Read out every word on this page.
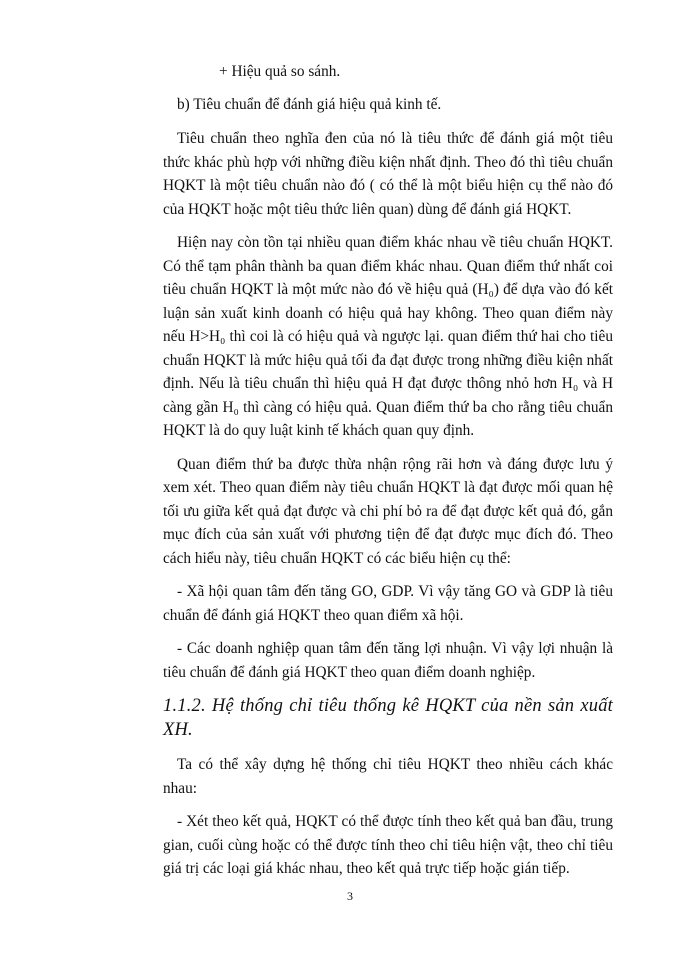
+ Hiệu quả so sánh.

b) Tiêu chuẩn để đánh giá hiệu quả kinh tế.

Tiêu chuẩn theo nghĩa đen của nó là tiêu thức để đánh giá một tiêu thức khác phù hợp với những điều kiện nhất định. Theo đó thì tiêu chuẩn HQKT là một tiêu chuẩn nào đó ( có thể là một biểu hiện cụ thể nào đó của HQKT hoặc một tiêu thức liên quan) dùng để đánh giá HQKT.

Hiện nay còn tồn tại nhiều quan điểm khác nhau về tiêu chuẩn HQKT. Có thể tạm phân thành ba quan điểm khác nhau. Quan điểm thứ nhất coi tiêu chuẩn HQKT là một mức nào đó về hiệu quả (H₀) để dựa vào đó kết luận sản xuất kinh doanh có hiệu quả hay không. Theo quan điểm này nếu H>H₀ thì coi là có hiệu quả và ngược lại. quan điểm thứ hai cho tiêu chuẩn HQKT là mức hiệu quả tối đa đạt được trong những điều kiện nhất định. Nếu là tiêu chuẩn thì hiệu quả H đạt được thông nhỏ hơn H₀ và H càng gần H₀ thì càng có hiệu quả. Quan điểm thứ ba cho rằng tiêu chuẩn HQKT là do quy luật kinh tế khách quan quy định.

Quan điểm thứ ba được thừa nhận rộng rãi hơn và đáng được lưu ý xem xét. Theo quan điểm này tiêu chuẩn HQKT là đạt được mối quan hệ tối ưu giữa kết quả đạt được và chi phí bỏ ra để đạt được kết quả đó, gắn mục đích của sản xuất với phương tiện để đạt được mục đích đó. Theo cách hiểu này, tiêu chuẩn HQKT có các biểu hiện cụ thể:

- Xã hội quan tâm đến tăng GO, GDP. Vì vậy tăng GO và GDP là tiêu chuẩn để đánh giá HQKT theo quan điểm xã hội.

- Các doanh nghiệp quan tâm đến tăng lợi nhuận. Vì vậy lợi nhuận là tiêu chuẩn để đánh giá HQKT theo quan điểm doanh nghiệp.

1.1.2. Hệ thống chỉ tiêu thống kê HQKT của nền sản xuất XH.

Ta có thể xây dựng hệ thống chỉ tiêu HQKT theo nhiều cách khác nhau:

- Xét theo kết quả, HQKT có thể được tính theo kết quả ban đầu, trung gian, cuối cùng hoặc có thể được tính theo chỉ tiêu hiện vật, theo chỉ tiêu giá trị các loại giá khác nhau, theo kết quả trực tiếp hoặc gián tiếp.

3
